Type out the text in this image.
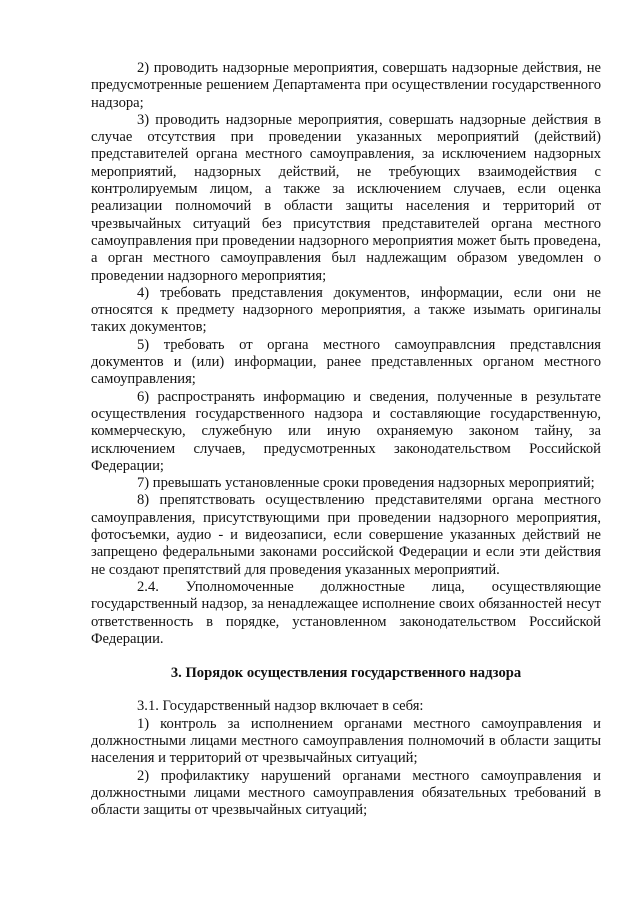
2) проводить надзорные мероприятия, совершать надзорные действия, не предусмотренные решением Департамента при осуществлении государственного надзора;

3) проводить надзорные мероприятия, совершать надзорные действия в случае отсутствия при проведении указанных мероприятий (действий) представителей органа местного самоуправления, за исключением надзорных мероприятий, надзорных действий, не требующих взаимодействия с контролируемым лицом, а также за исключением случаев, если оценка реализации полномочий в области защиты населения и территорий от чрезвычайных ситуаций без присутствия представителей органа местного самоуправления при проведении надзорного мероприятия может быть проведена, а орган местного самоуправления был надлежащим образом уведомлен о проведении надзорного мероприятия;

4) требовать представления документов, информации, если они не относятся к предмету надзорного мероприятия, а также изымать оригиналы таких документов;

5) требовать от органа местного самоуправлсния представлсния документов и (или) информации, ранее представленных органом местного самоуправления;

6) распространять информацию и сведения, полученные в результате осуществления государственного надзора и составляющие государственную, коммерческую, служебную или иную охраняемую законом тайну, за исключением случаев, предусмотренных законодательством Российской Федерации;

7) превышать установленные сроки проведения надзорных мероприятий;

8) препятствовать осуществлению представителями органа местного самоуправления, присутствующими при проведении надзорного мероприятия, фотосъемки, аудио - и видеозаписи, если совершение указанных действий не запрещено федеральными законами российской Федерации и если эти действия не создают препятствий для проведения указанных мероприятий.

2.4. Уполномоченные должностные лица, осуществляющие государственный надзор, за ненадлежащее исполнение своих обязанностей несут ответственность в порядке, установленном законодательством Российской Федерации.

3. Порядок осуществления государственного надзора

3.1. Государственный надзор включает в себя:

1) контроль за исполнением органами местного самоуправления и должностными лицами местного самоуправления полномочий в области защиты населения и территорий от чрезвычайных ситуаций;

2) профилактику нарушений органами местного самоуправления и должностными лицами местного самоуправления обязательных требований в области защиты от чрезвычайных ситуаций;
